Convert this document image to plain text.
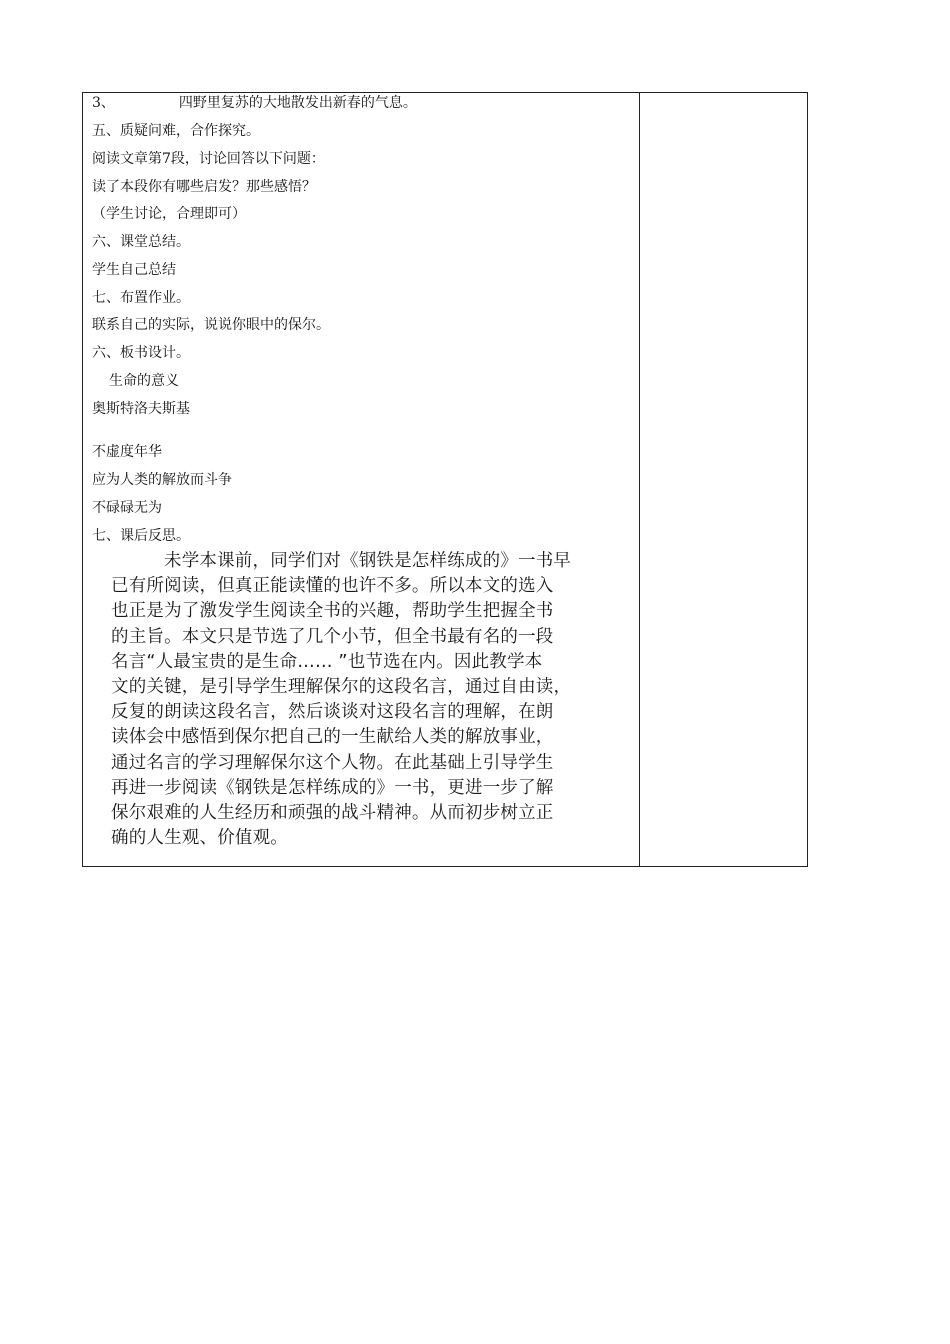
3、	四野里复苏的大地散发出新春的气息。
五、质疑问难，合作探究。
阅读文章第7段，讨论回答以下问题：
读了本段你有哪些启发？那些感悟？
（学生讨论，合理即可）
六、课堂总结。
学生自己总结
七、布置作业。
联系自己的实际，说说你眼中的保尔。
六、板书设计。
生命的意义
奥斯特洛夫斯基
不虚度年华
应为人类的解放而斗争
不碌碌无为
七、课后反思。
未学本课前，同学们对《钢铁是怎样练成的》一书早
已有所阅读，但真正能读懂的也许不多。所以本文的选入
也正是为了激发学生阅读全书的兴趣，帮助学生把握全书
的主旨。本文只是节选了几个小节，但全书最有名的一段
名言“人最宝贵的是生命…… ”也节选在内。因此教学本
文的关键，是引导学生理解保尔的这段名言，通过自由读，
反复的朗读这段名言，然后谈谈对这段名言的理解，在朗
读体会中感悟到保尔把自己的一生献给人类的解放事业，
通过名言的学习理解保尔这个人物。在此基础上引导学生
再进一步阅读《钢铁是怎样练成的》一书，更进一步了解
保尔艰难的人生经历和顽强的战斗精神。从而初步树立正
确的人生观、价值观。
